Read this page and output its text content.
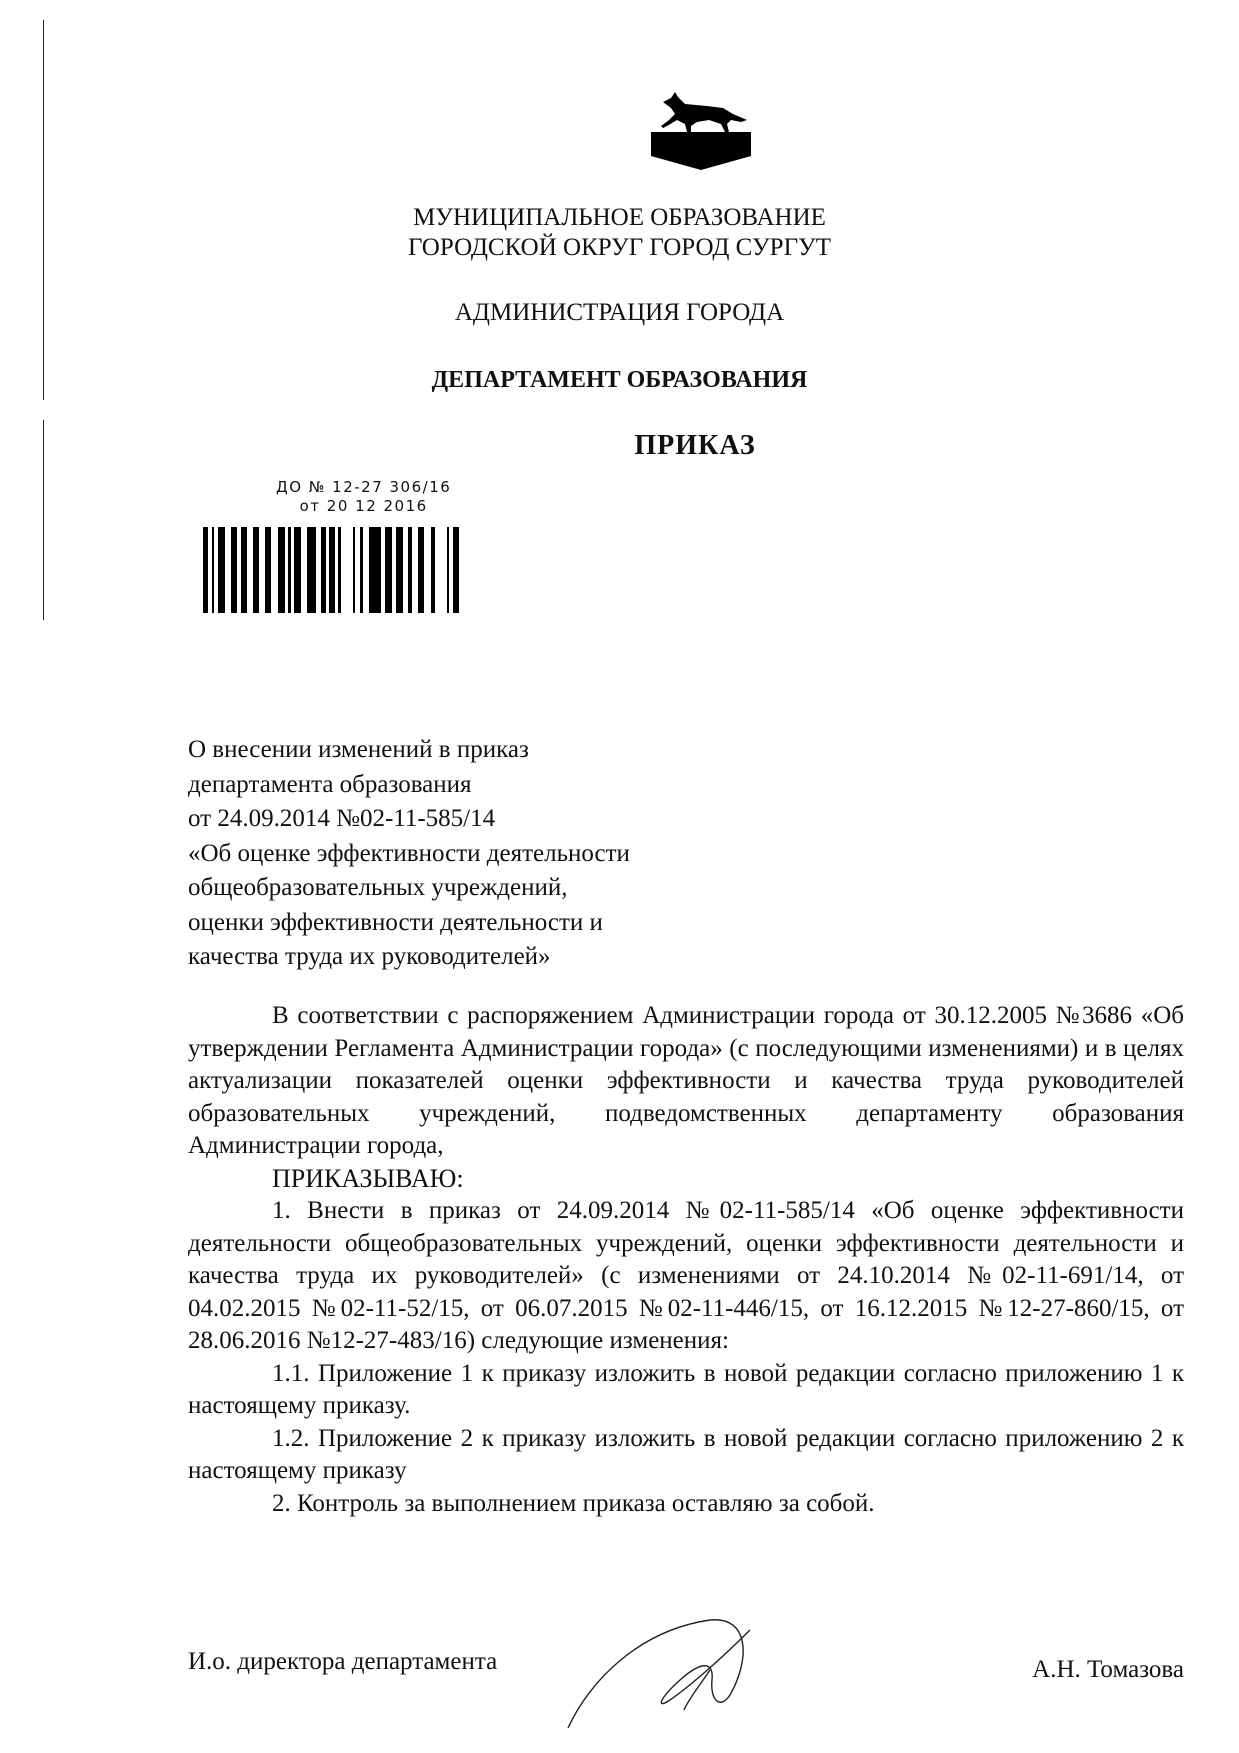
МУНИЦИПАЛЬНОЕ ОБРАЗОВАНИЕ
ГОРОДСКОЙ ОКРУГ ГОРОД СУРГУТ
АДМИНИСТРАЦИЯ ГОРОДА
ДЕПАРТАМЕНТ ОБРАЗОВАНИЯ
ПРИКАЗ
ДО № 12-27 306/16
от 20 12 2016
О внесении изменений в приказ
департамента образования
от 24.09.2014 №02-11-585/14
«Об оценке эффективности деятельности
общеобразовательных учреждений,
оценки эффективности деятельности и
качества труда их руководителей»

В соответствии с распоряжением Администрации города от 30.12.2005 №3686 «Об утверждении Регламента Администрации города» (с последующими изменениями) и в целях актуализации показателей оценки эффективности и качества труда руководителей образовательных учреждений, подведомственных департаменту образования Администрации города,

ПРИКАЗЫВАЮ:

1. Внести в приказ от 24.09.2014 №02-11-585/14 «Об оценке эффективности деятельности общеобразовательных учреждений, оценки эффективности деятельности и качества труда их руководителей» (с изменениями от 24.10.2014 №02-11-691/14, от 04.02.2015 №02-11-52/15, от 06.07.2015 №02-11-446/15, от 16.12.2015 №12-27-860/15, от 28.06.2016 №12-27-483/16) следующие изменения:

1.1. Приложение 1 к приказу изложить в новой редакции согласно приложению 1 к настоящему приказу.

1.2. Приложение 2 к приказу изложить в новой редакции согласно приложению 2 к настоящему приказу

2. Контроль за выполнением приказа оставляю за собой.

И.о. директора департамента	А.Н. Томазова
